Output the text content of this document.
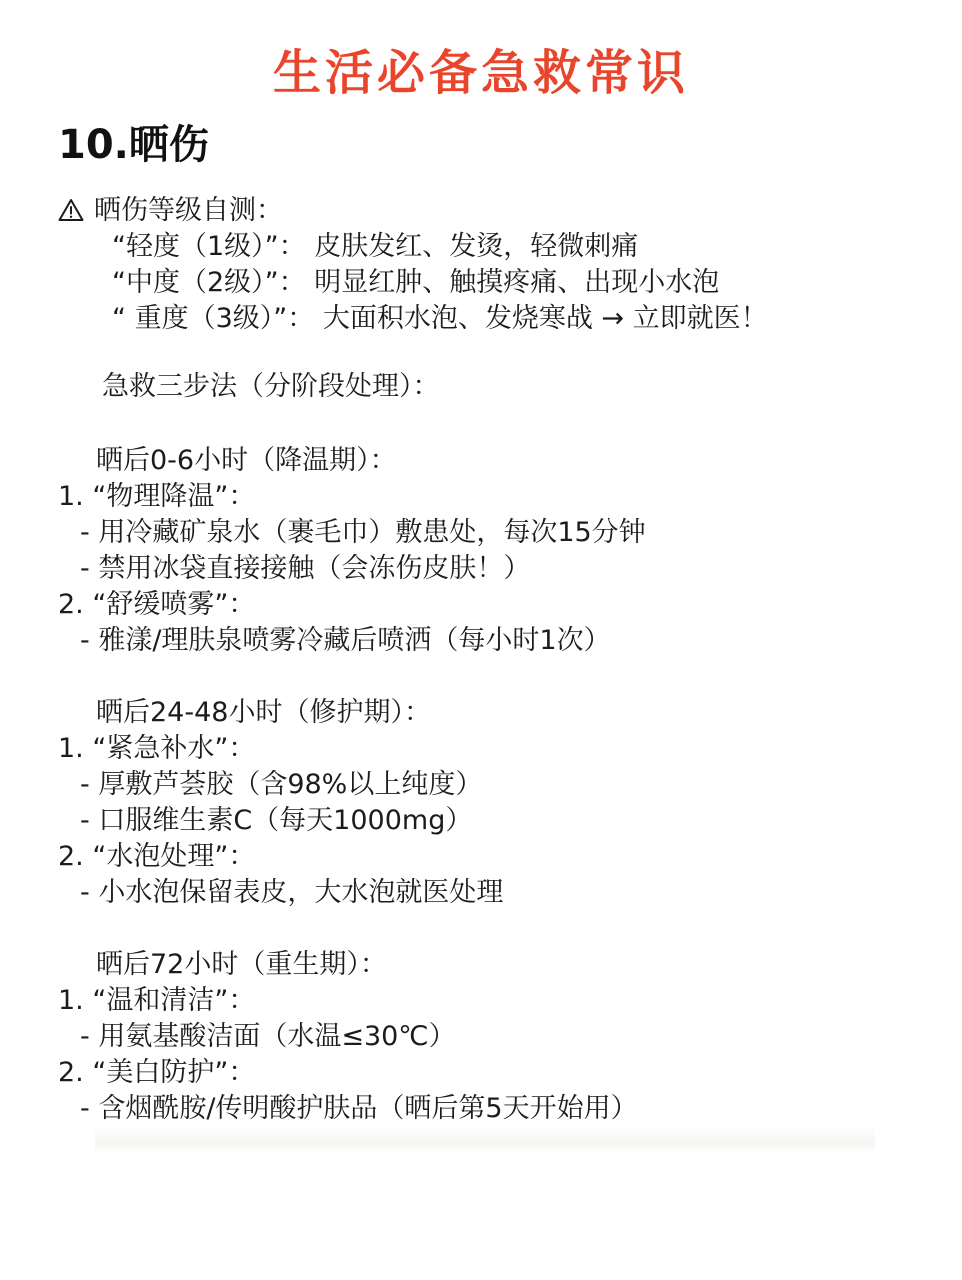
生活必备急救常识
10.晒伤
晒伤等级自测：
“轻度（1级）”： 皮肤发红、发烫，轻微刺痛
“中度（2级）”： 明显红肿、触摸疼痛、出现小水泡
“ 重度（3级）”： 大面积水泡、发烧寒战 → 立即就医！
急救三步法（分阶段处理）：
晒后0-6小时（降温期）：
1. “物理降温”：
- 用冷藏矿泉水（裹毛巾）敷患处，每次15分钟
- 禁用冰袋直接接触（会冻伤皮肤！）
2. “舒缓喷雾”：
- 雅漾/理肤泉喷雾冷藏后喷洒（每小时1次）
晒后24-48小时（修护期）：
1. “紧急补水”：
- 厚敷芦荟胶（含98%以上纯度）
- 口服维生素C（每天1000mg）
2. “水泡处理”：
- 小水泡保留表皮，大水泡就医处理
晒后72小时（重生期）：
1. “温和清洁”：
- 用氨基酸洁面（水温≤30℃）
2. “美白防护”：
- 含烟酰胺/传明酸护肤品（晒后第5天开始用）
